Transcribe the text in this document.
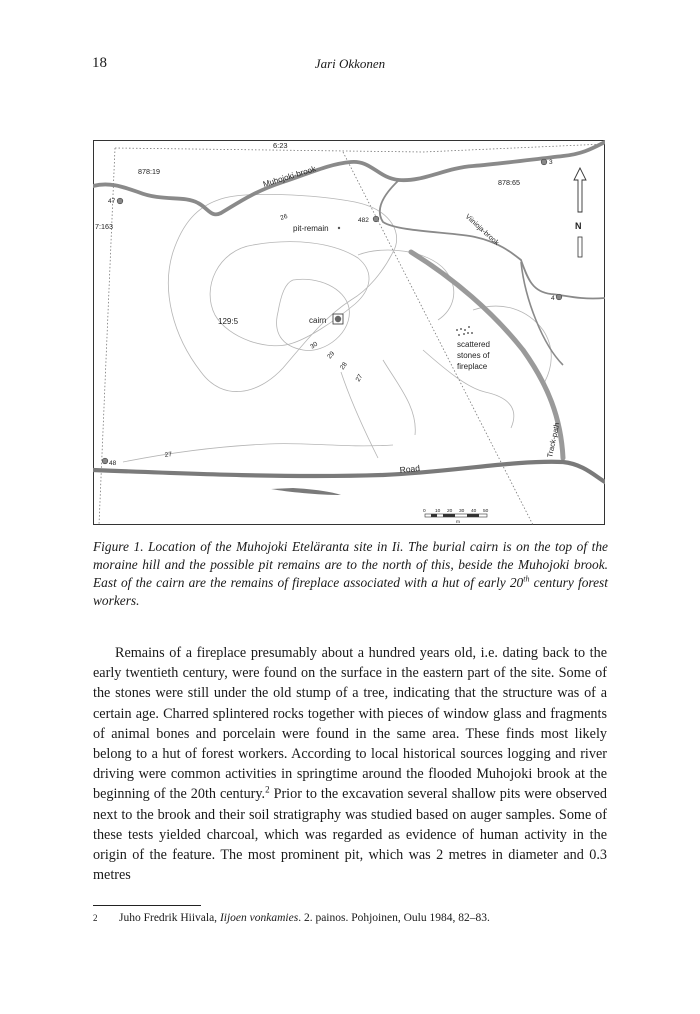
18	Jari Okkonen
6:23
878:19	Muhojoki-brook
3
878:65
47
7:163
26
pit-remain
482	Viinioja-brook	N
4
129:5	cairn
30
29
28
27
scattered
stones of
fireplace
Track-path
48
27
Road
0 10 20 30 40 50
m
Figure 1. Location of the Muhojoki Eteläranta site in Ii. The burial cairn is on the top of the moraine hill and the possible pit remains are to the north of this, beside the Muhojoki brook. East of the cairn are the remains of fireplace associated with a hut of early 20th century forest workers.

Remains of a fireplace presumably about a hundred years old, i.e. dating back to the early twentieth century, were found on the surface in the eastern part of the site. Some of the stones were still under the old stump of a tree, indicating that the structure was of a certain age. Charred splintered rocks together with pieces of window glass and fragments of animal bones and porcelain were found in the same area. These finds most likely belong to a hut of forest workers. According to local historical sources logging and river driving were common activities in springtime around the flooded Muhojoki brook at the beginning of the 20th century.$^2$ Prior to the excavation several shallow pits were observed next to the brook and their soil stratigraphy was studied based on auger samples. Some of these tests yielded charcoal, which was regarded as evidence of human activity in the origin of the feature. The most prominent pit, which was 2 metres in diameter and 0.3 metres

2 Juho Fredrik Hiivala, Iijoen vonkamies. 2. painos. Pohjoinen, Oulu 1984, 82–83.
